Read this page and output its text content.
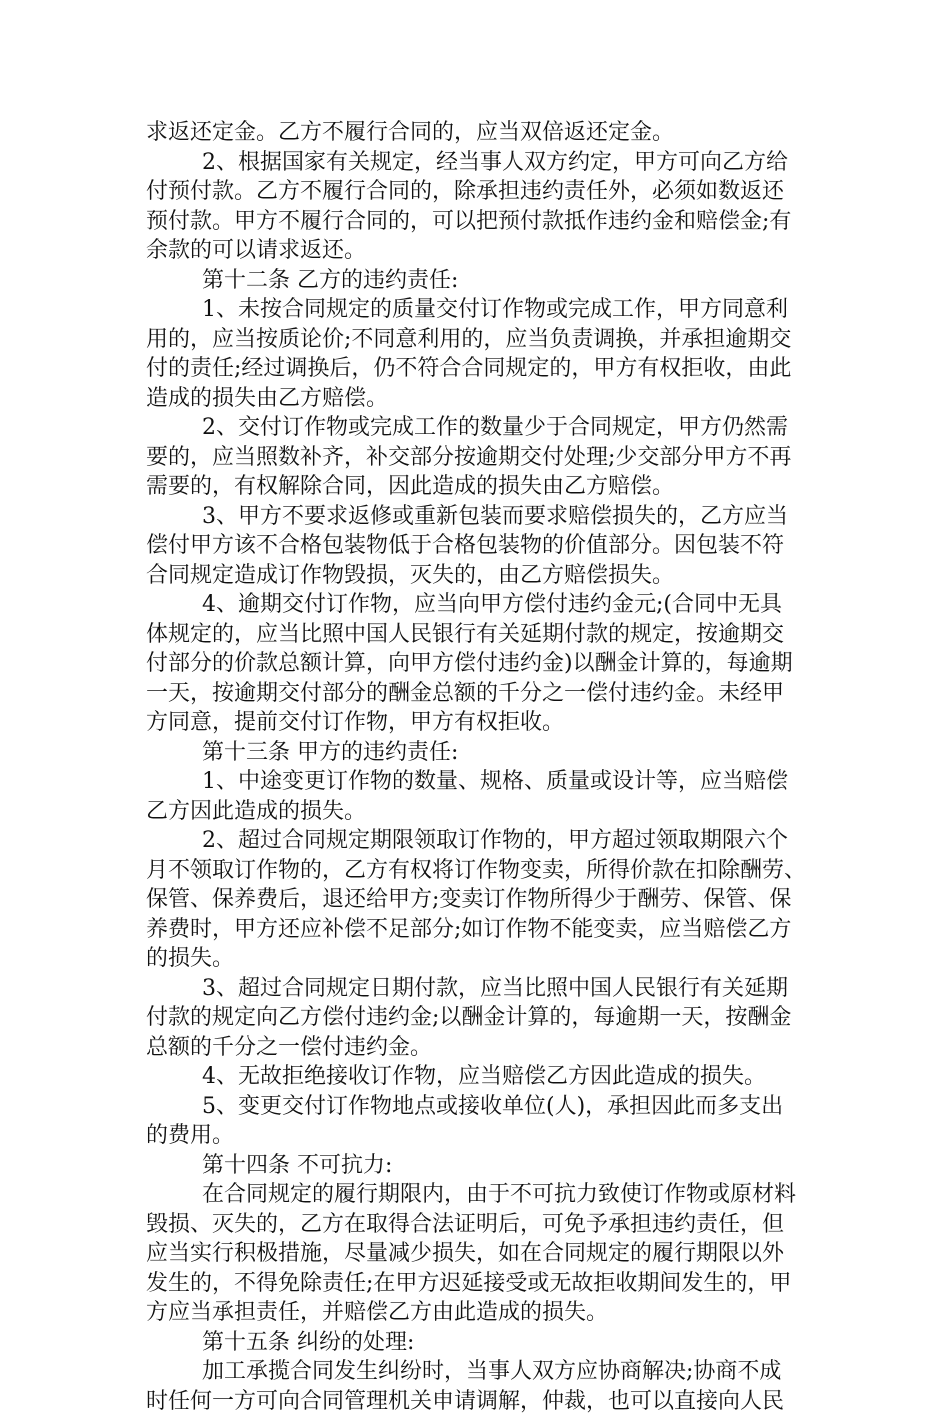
求返还定金。乙方不履行合同的，应当双倍返还定金。
2、根据国家有关规定，经当事人双方约定，甲方可向乙方给
付预付款。乙方不履行合同的，除承担违约责任外，必须如数返还
预付款。甲方不履行合同的，可以把预付款抵作违约金和赔偿金;有
余款的可以请求返还。
第十二条 乙方的违约责任:
1、未按合同规定的质量交付订作物或完成工作，甲方同意利
用的，应当按质论价;不同意利用的，应当负责调换，并承担逾期交
付的责任;经过调换后，仍不符合合同规定的，甲方有权拒收，由此
造成的损失由乙方赔偿。
2、交付订作物或完成工作的数量少于合同规定，甲方仍然需
要的，应当照数补齐，补交部分按逾期交付处理;少交部分甲方不再
需要的，有权解除合同，因此造成的损失由乙方赔偿。
3、甲方不要求返修或重新包装而要求赔偿损失的，乙方应当
偿付甲方该不合格包装物低于合格包装物的价值部分。因包装不符
合同规定造成订作物毁损，灭失的，由乙方赔偿损失。
4、逾期交付订作物，应当向甲方偿付违约金元;(合同中无具
体规定的，应当比照中国人民银行有关延期付款的规定，按逾期交
付部分的价款总额计算，向甲方偿付违约金)以酬金计算的，每逾期
一天，按逾期交付部分的酬金总额的千分之一偿付违约金。未经甲
方同意，提前交付订作物，甲方有权拒收。
第十三条 甲方的违约责任:
1、中途变更订作物的数量、规格、质量或设计等，应当赔偿
乙方因此造成的损失。
2、超过合同规定期限领取订作物的，甲方超过领取期限六个
月不领取订作物的，乙方有权将订作物变卖，所得价款在扣除酬劳、
保管、保养费后，退还给甲方;变卖订作物所得少于酬劳、保管、保
养费时，甲方还应补偿不足部分;如订作物不能变卖，应当赔偿乙方
的损失。
3、超过合同规定日期付款，应当比照中国人民银行有关延期
付款的规定向乙方偿付违约金;以酬金计算的，每逾期一天，按酬金
总额的千分之一偿付违约金。
4、无故拒绝接收订作物，应当赔偿乙方因此造成的损失。
5、变更交付订作物地点或接收单位(人)，承担因此而多支出
的费用。
第十四条 不可抗力:
在合同规定的履行期限内，由于不可抗力致使订作物或原材料
毁损、灭失的，乙方在取得合法证明后，可免予承担违约责任，但
应当实行积极措施，尽量减少损失，如在合同规定的履行期限以外
发生的，不得免除责任;在甲方迟延接受或无故拒收期间发生的，甲
方应当承担责任，并赔偿乙方由此造成的损失。
第十五条 纠纷的处理:
加工承揽合同发生纠纷时，当事人双方应协商解决;协商不成
时任何一方可向合同管理机关申请调解，仲裁，也可以直接向人民
